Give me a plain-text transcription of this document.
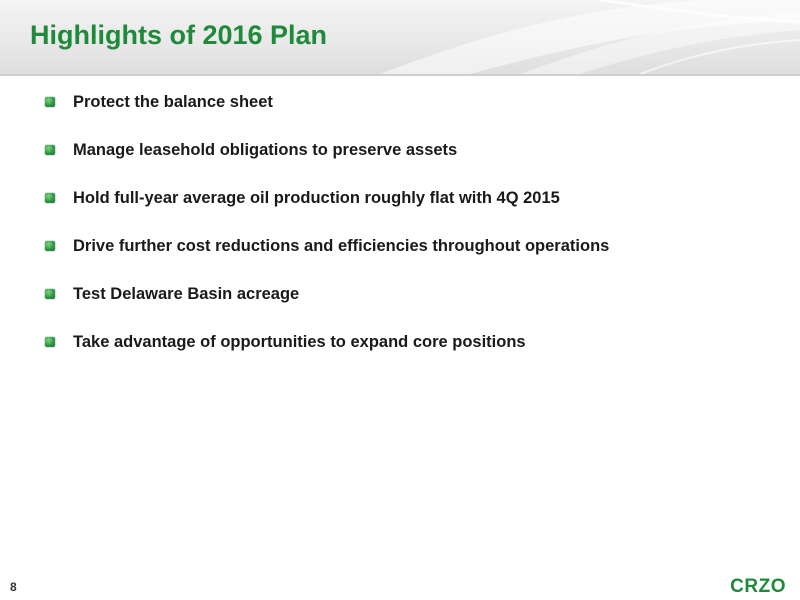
Highlights of 2016 Plan
Protect the balance sheet
Manage leasehold obligations to preserve assets
Hold full-year average oil production roughly flat with 4Q 2015
Drive further cost reductions and efficiencies throughout operations
Test Delaware Basin acreage
Take advantage of opportunities to expand core positions
8	CRZO
